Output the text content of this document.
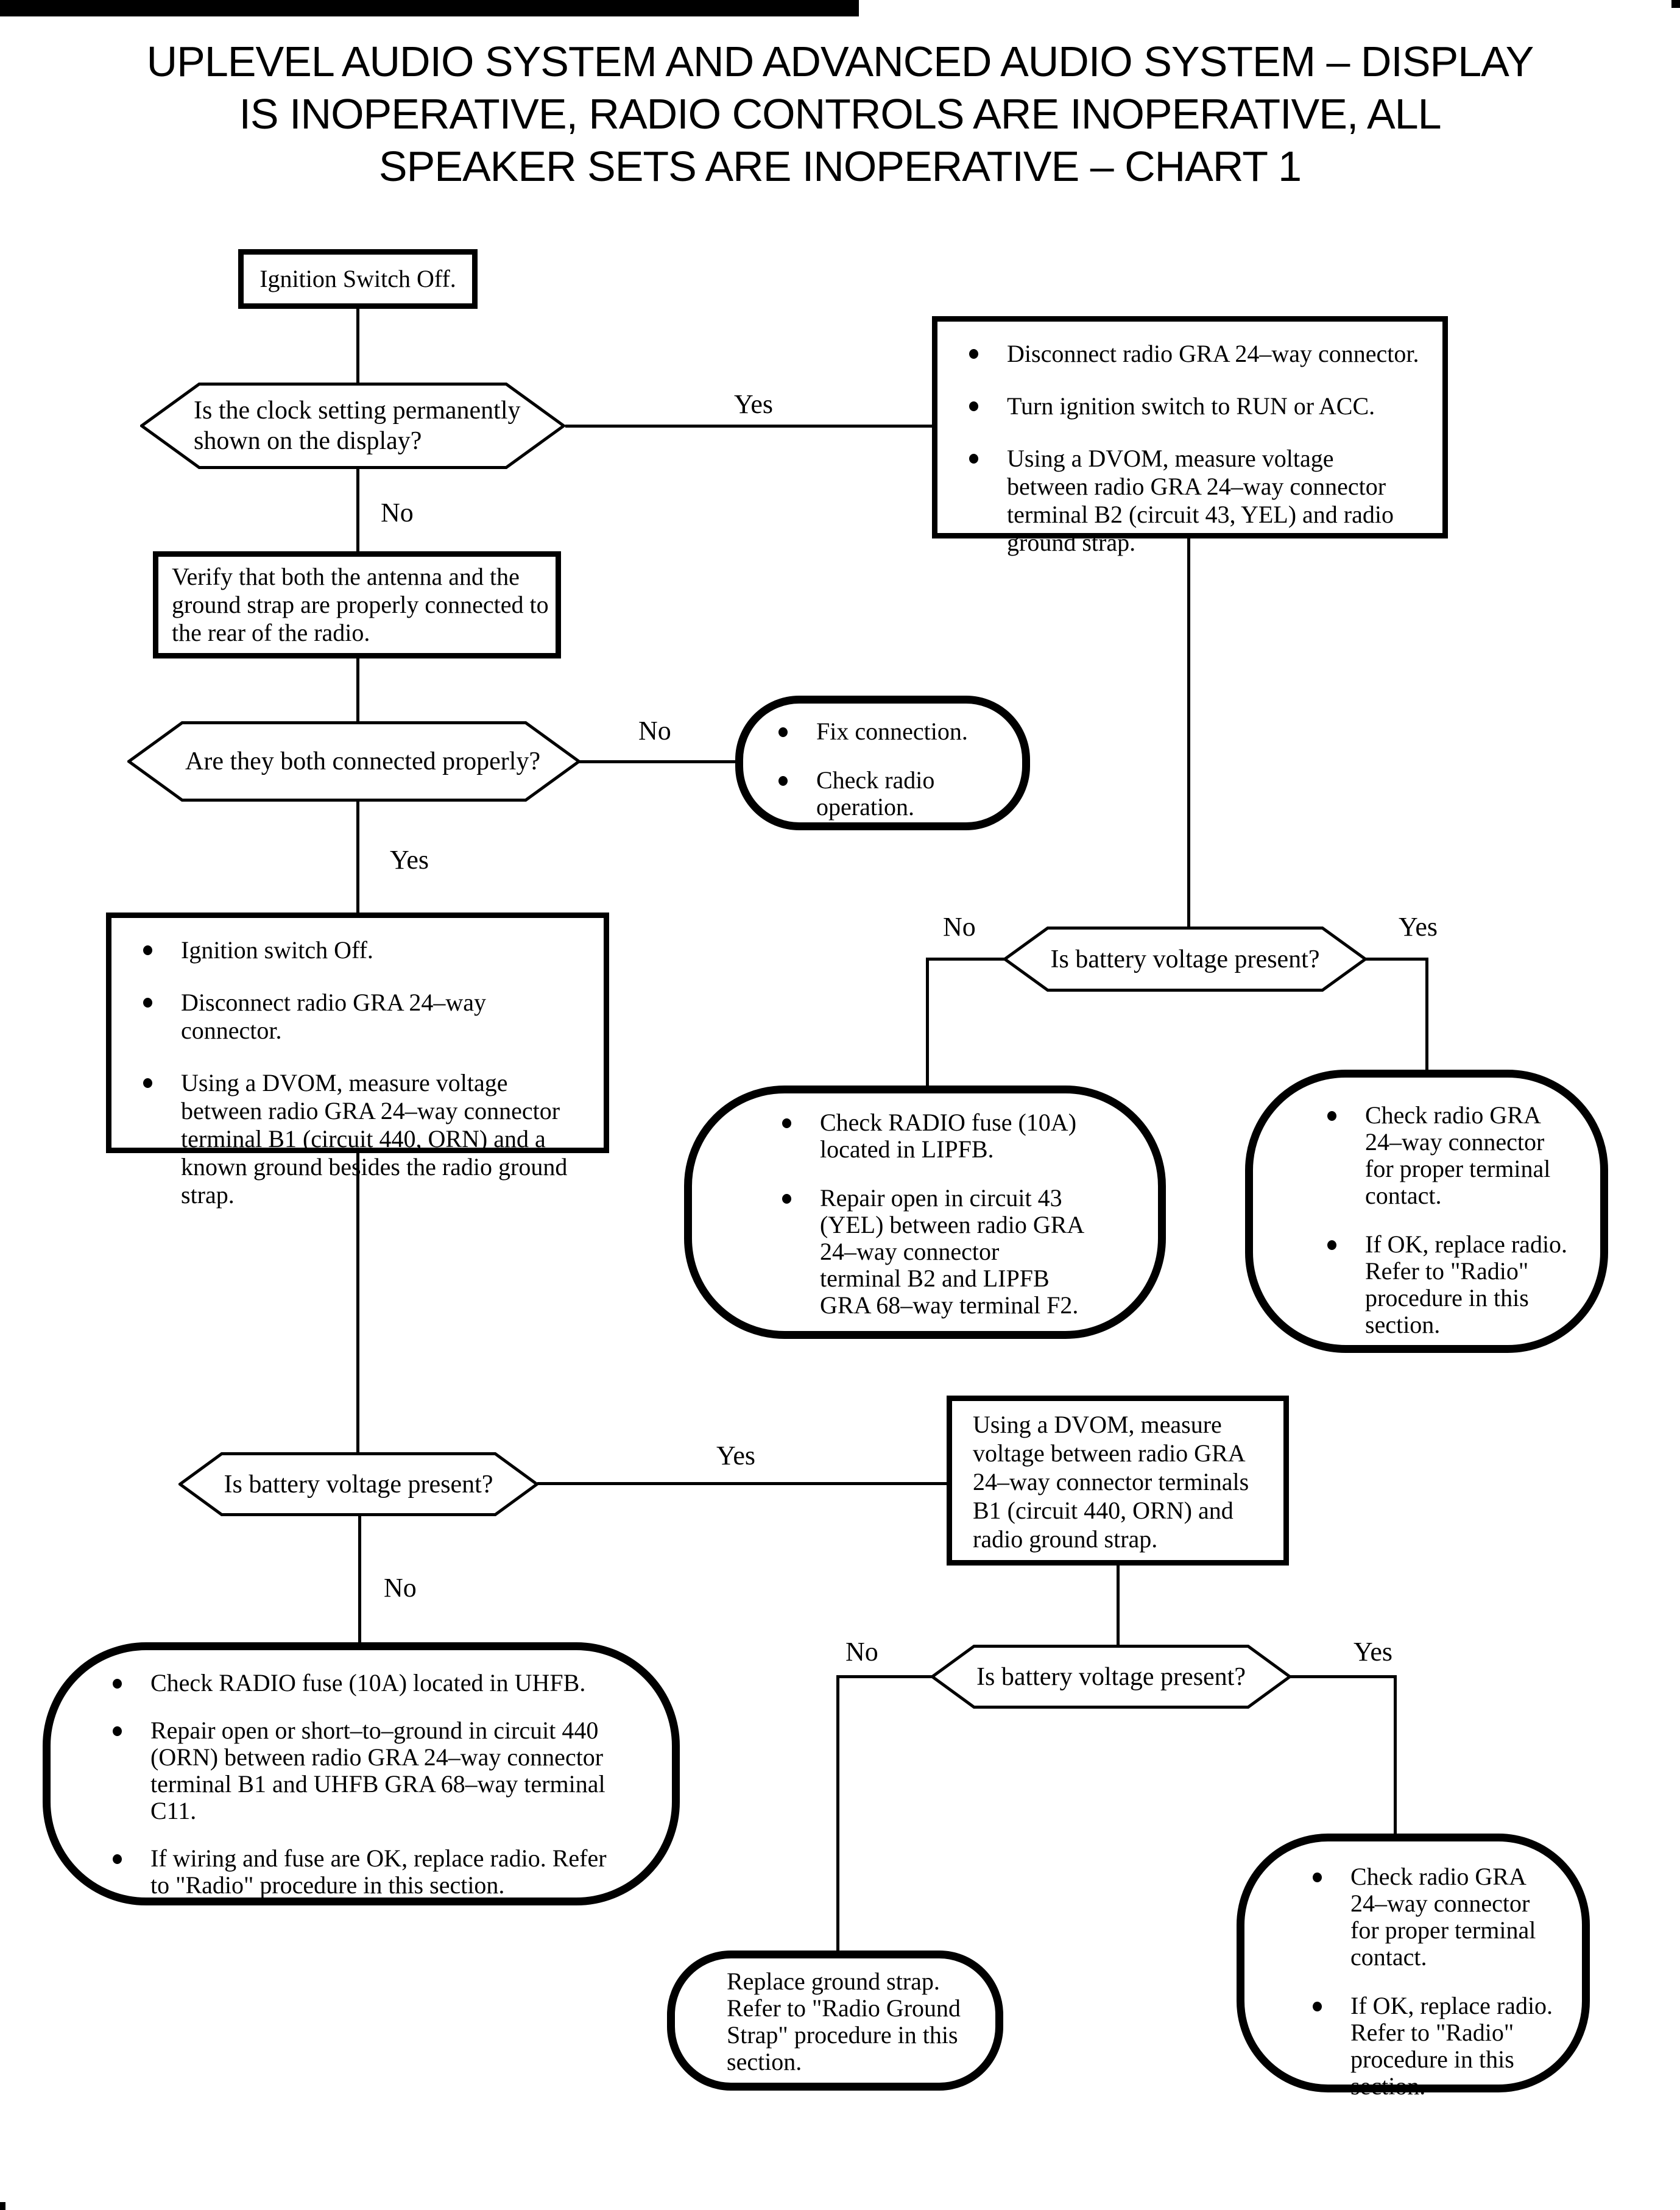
UPLEVEL AUDIO SYSTEM AND ADVANCED AUDIO SYSTEM – DISPLAY
IS INOPERATIVE, RADIO CONTROLS ARE INOPERATIVE, ALL
SPEAKER SETS ARE INOPERATIVE – CHART 1
Yes
No
No
Yes
No	Yes
Yes
No
No	Yes
Ignition Switch Off.
Is the clock setting permanently shown on the display?
Disconnect radio GRA 24–way connector.
Turn ignition switch to RUN or ACC.
Using a DVOM, measure voltage between radio GRA 24–way connector terminal B2 (circuit 43, YEL) and radio ground strap.
Verify that both the antenna and the ground strap are properly connected to the rear of the radio.
Are they both connected properly?
Fix connection.
Check radio operation.
Ignition switch Off.
Disconnect radio GRA 24–way connector.
Using a DVOM, measure voltage between radio GRA 24–way connector terminal B1 (circuit 440, ORN) and a known ground besides the radio ground strap.
Is battery voltage present?
Check RADIO fuse (10A) located in LIPFB.
Repair open in circuit 43 (YEL) between radio GRA 24–way connector terminal B2 and LIPFB GRA 68–way terminal F2.
Check radio GRA 24–way connector for proper terminal contact.
If OK, replace radio. Refer to "Radio" procedure in this section.
Is battery voltage present?
Using a DVOM, measure voltage between radio GRA 24–way connector terminals B1 (circuit 440, ORN) and radio ground strap.
Check RADIO fuse (10A) located in UHFB.
Repair open or short–to–ground in circuit 440 (ORN) between radio GRA 24–way connector terminal B1 and UHFB GRA 68–way terminal C11.
If wiring and fuse are OK, replace radio. Refer to "Radio" procedure in this section.
Is battery voltage present?
Replace ground strap. Refer to "Radio Ground Strap" procedure in this section.
Check radio GRA 24–way connector for proper terminal contact.
If OK, replace radio. Refer to "Radio" procedure in this section.
